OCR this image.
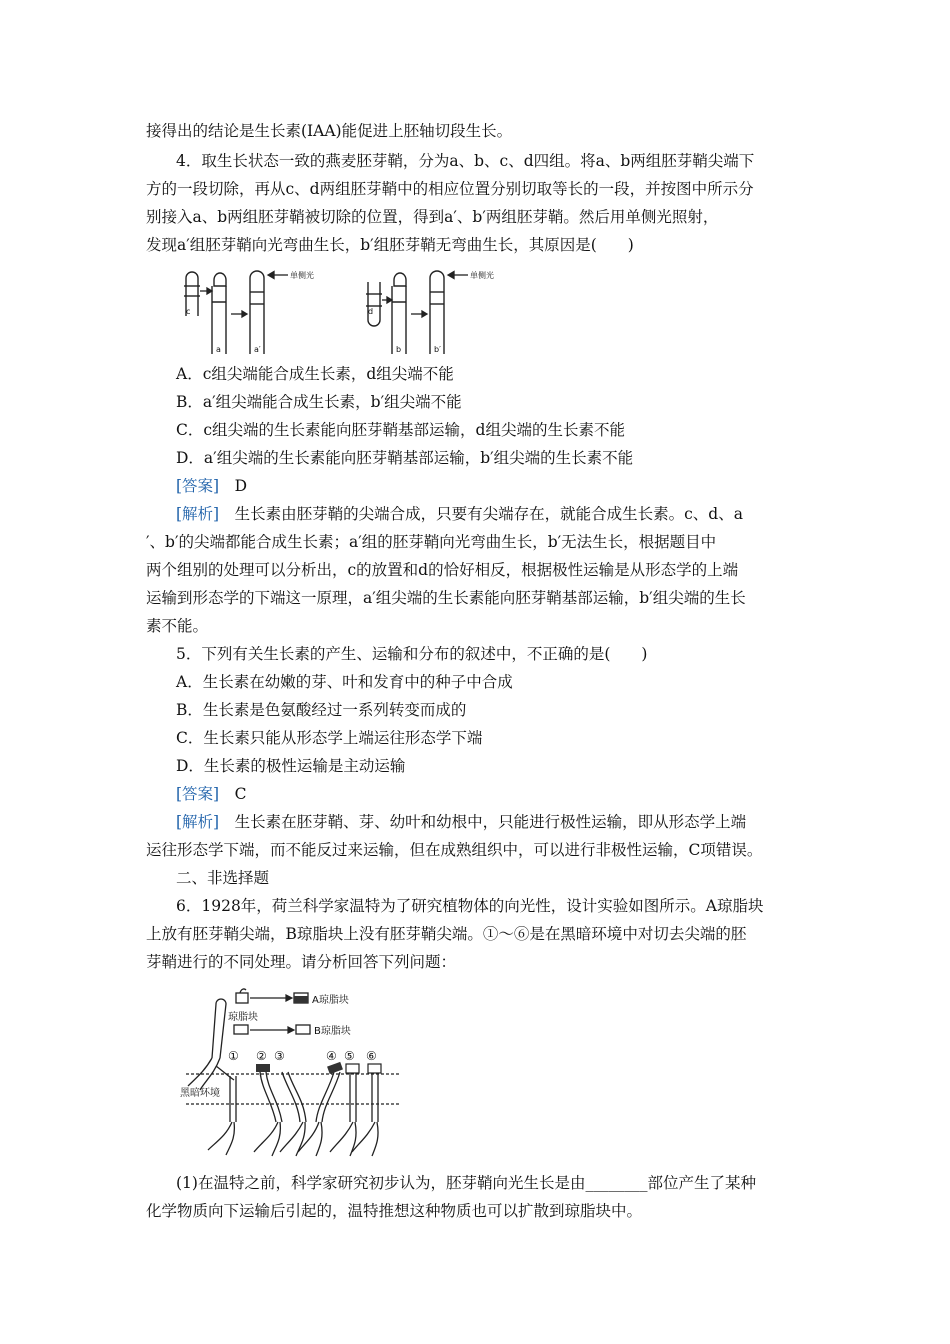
接得出的结论是生长素(IAA)能促进上胚轴切段生长。
4．取生长状态一致的燕麦胚芽鞘，分为a、b、c、d四组。将a、b两组胚芽鞘尖端下
方的一段切除，再从c、d两组胚芽鞘中的相应位置分别切取等长的一段，并按图中所示分
别接入a、b两组胚芽鞘被切除的位置，得到a′、b′两组胚芽鞘。然后用单侧光照射，
发现a′组胚芽鞘向光弯曲生长，b′组胚芽鞘无弯曲生长，其原因是(　　)
单侧光	单侧光
c
a	a′
d
b	b′
A．c组尖端能合成生长素，d组尖端不能
B．a′组尖端能合成生长素，b′组尖端不能
C．c组尖端的生长素能向胚芽鞘基部运输，d组尖端的生长素不能
D．a′组尖端的生长素能向胚芽鞘基部运输，b′组尖端的生长素不能
[答案]　 D
[解析]　 生长素由胚芽鞘的尖端合成，只要有尖端存在，就能合成生长素。c、d、a
′、b′的尖端都能合成生长素；a′组的胚芽鞘向光弯曲生长，b′无法生长，根据题目中
两个组别的处理可以分析出，c的放置和d的恰好相反，根据极性运输是从形态学的上端
运输到形态学的下端这一原理，a′组尖端的生长素能向胚芽鞘基部运输，b′组尖端的生长
素不能。
5．下列有关生长素的产生、运输和分布的叙述中，不正确的是(　　)
A．生长素在幼嫩的芽、叶和发育中的种子中合成
B．生长素是色氨酸经过一系列转变而成的
C．生长素只能从形态学上端运往形态学下端
D．生长素的极性运输是主动运输
[答案]　 C
[解析]　 生长素在胚芽鞘、芽、幼叶和幼根中，只能进行极性运输，即从形态学上端
运往形态学下端，而不能反过来运输，但在成熟组织中，可以进行非极性运输，C项错误。
二、非选择题
6．1928年，荷兰科学家温特为了研究植物体的向光性，设计实验如图所示。A琼脂块
上放有胚芽鞘尖端，B琼脂块上没有胚芽鞘尖端。①～⑥是在黑暗环境中对切去尖端的胚
芽鞘进行的不同处理。请分析回答下列问题：
A琼脂块
B琼脂块
琼脂块
黑暗环境
① ② ③	④ ⑤ ⑥
(1)在温特之前，科学家研究初步认为，胚芽鞘向光生长是由________部位产生了某种
化学物质向下运输后引起的，温特推想这种物质也可以扩散到琼脂块中。
